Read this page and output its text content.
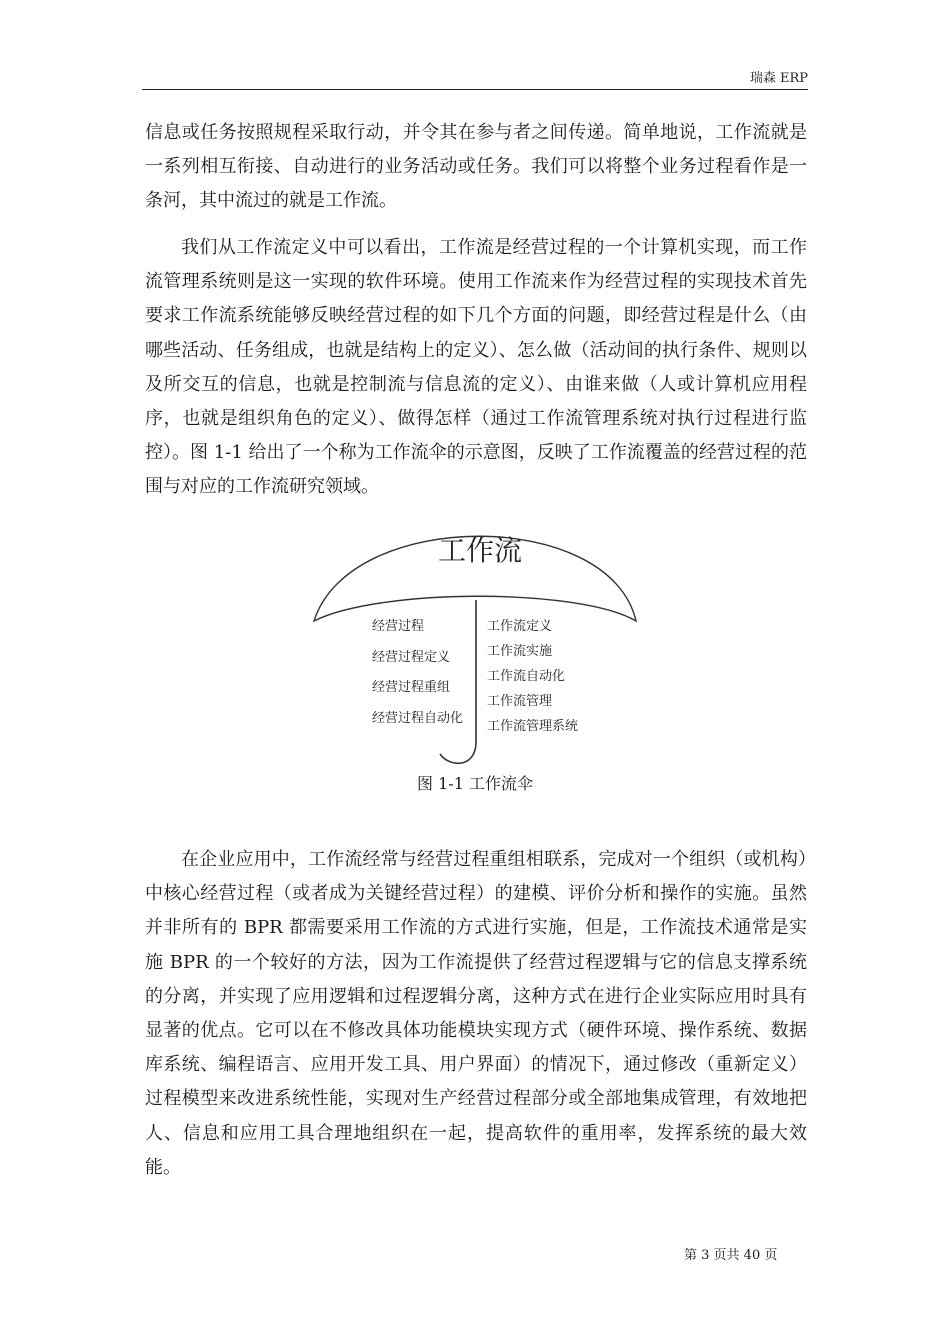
瑞森 ERP

信息或任务按照规程采取行动，并令其在参与者之间传递。简单地说，工作流就是一系列相互衔接、自动进行的业务活动或任务。我们可以将整个业务过程看作是一条河，其中流过的就是工作流。

我们从工作流定义中可以看出，工作流是经营过程的一个计算机实现，而工作流管理系统则是这一实现的软件环境。使用工作流来作为经营过程的实现技术首先要求工作流系统能够反映经营过程的如下几个方面的问题，即经营过程是什么（由哪些活动、任务组成，也就是结构上的定义）、怎么做（活动间的执行条件、规则以及所交互的信息，也就是控制流与信息流的定义）、由谁来做（人或计算机应用程序，也就是组织角色的定义）、做得怎样（通过工作流管理系统对执行过程进行监控）。图 1-1 给出了一个称为工作流伞的示意图，反映了工作流覆盖的经营过程的范围与对应的工作流研究领域。

工作流
经营过程
经营过程定义
经营过程重组
经营过程自动化
工作流定义
工作流实施
工作流自动化
工作流管理
工作流管理系统
图 1-1 工作流伞

在企业应用中，工作流经常与经营过程重组相联系，完成对一个组织（或机构）中核心经营过程（或者成为关键经营过程）的建模、评价分析和操作的实施。虽然并非所有的 BPR 都需要采用工作流的方式进行实施，但是，工作流技术通常是实施 BPR 的一个较好的方法，因为工作流提供了经营过程逻辑与它的信息支撑系统的分离，并实现了应用逻辑和过程逻辑分离，这种方式在进行企业实际应用时具有显著的优点。它可以在不修改具体功能模块实现方式（硬件环境、操作系统、数据库系统、编程语言、应用开发工具、用户界面）的情况下，通过修改（重新定义）过程模型来改进系统性能，实现对生产经营过程部分或全部地集成管理，有效地把人、信息和应用工具合理地组织在一起，提高软件的重用率，发挥系统的最大效能。

第 3 页共 40 页
